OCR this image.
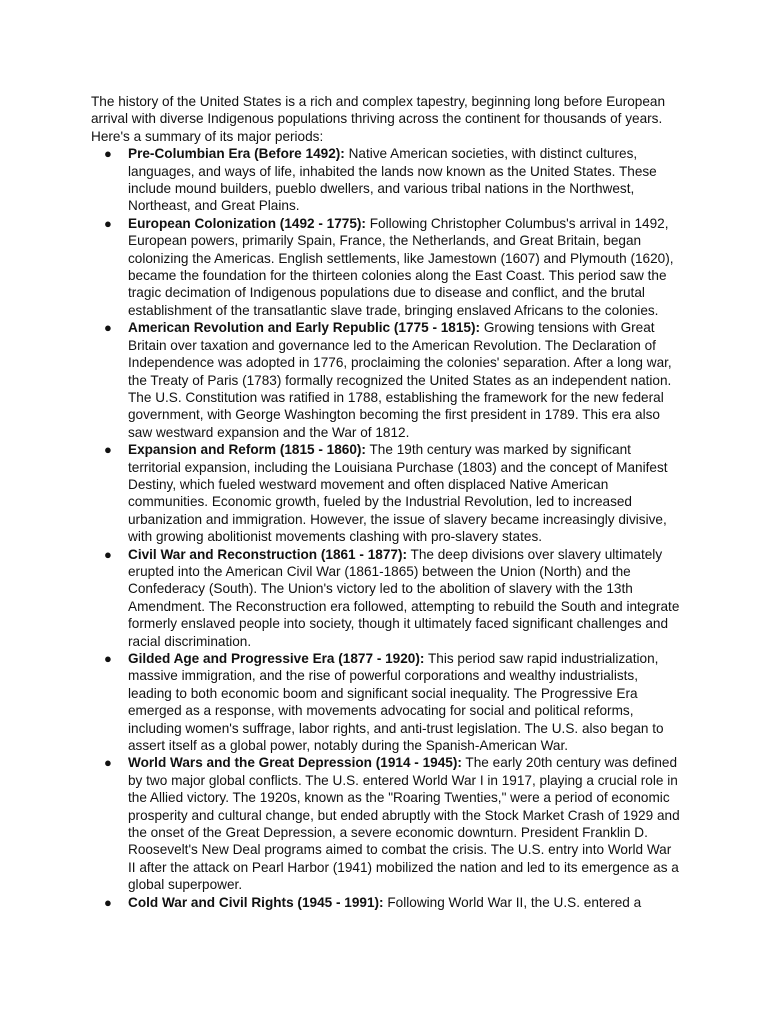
The history of the United States is a rich and complex tapestry, beginning long before European arrival with diverse Indigenous populations thriving across the continent for thousands of years. Here's a summary of its major periods:

● Pre-Columbian Era (Before 1492): Native American societies, with distinct cultures, languages, and ways of life, inhabited the lands now known as the United States. These include mound builders, pueblo dwellers, and various tribal nations in the Northwest, Northeast, and Great Plains.
● European Colonization (1492 - 1775): Following Christopher Columbus's arrival in 1492, European powers, primarily Spain, France, the Netherlands, and Great Britain, began colonizing the Americas. English settlements, like Jamestown (1607) and Plymouth (1620), became the foundation for the thirteen colonies along the East Coast. This period saw the tragic decimation of Indigenous populations due to disease and conflict, and the brutal establishment of the transatlantic slave trade, bringing enslaved Africans to the colonies.
● American Revolution and Early Republic (1775 - 1815): Growing tensions with Great Britain over taxation and governance led to the American Revolution. The Declaration of Independence was adopted in 1776, proclaiming the colonies' separation. After a long war, the Treaty of Paris (1783) formally recognized the United States as an independent nation. The U.S. Constitution was ratified in 1788, establishing the framework for the new federal government, with George Washington becoming the first president in 1789. This era also saw westward expansion and the War of 1812.
● Expansion and Reform (1815 - 1860): The 19th century was marked by significant territorial expansion, including the Louisiana Purchase (1803) and the concept of Manifest Destiny, which fueled westward movement and often displaced Native American communities. Economic growth, fueled by the Industrial Revolution, led to increased urbanization and immigration. However, the issue of slavery became increasingly divisive, with growing abolitionist movements clashing with pro-slavery states.
● Civil War and Reconstruction (1861 - 1877): The deep divisions over slavery ultimately erupted into the American Civil War (1861-1865) between the Union (North) and the Confederacy (South). The Union's victory led to the abolition of slavery with the 13th Amendment. The Reconstruction era followed, attempting to rebuild the South and integrate formerly enslaved people into society, though it ultimately faced significant challenges and racial discrimination.
● Gilded Age and Progressive Era (1877 - 1920): This period saw rapid industrialization, massive immigration, and the rise of powerful corporations and wealthy industrialists, leading to both economic boom and significant social inequality. The Progressive Era emerged as a response, with movements advocating for social and political reforms, including women's suffrage, labor rights, and anti-trust legislation. The U.S. also began to assert itself as a global power, notably during the Spanish-American War.
● World Wars and the Great Depression (1914 - 1945): The early 20th century was defined by two major global conflicts. The U.S. entered World War I in 1917, playing a crucial role in the Allied victory. The 1920s, known as the "Roaring Twenties," were a period of economic prosperity and cultural change, but ended abruptly with the Stock Market Crash of 1929 and the onset of the Great Depression, a severe economic downturn. President Franklin D. Roosevelt's New Deal programs aimed to combat the crisis. The U.S. entry into World War II after the attack on Pearl Harbor (1941) mobilized the nation and led to its emergence as a global superpower.
● Cold War and Civil Rights (1945 - 1991): Following World War II, the U.S. entered a
